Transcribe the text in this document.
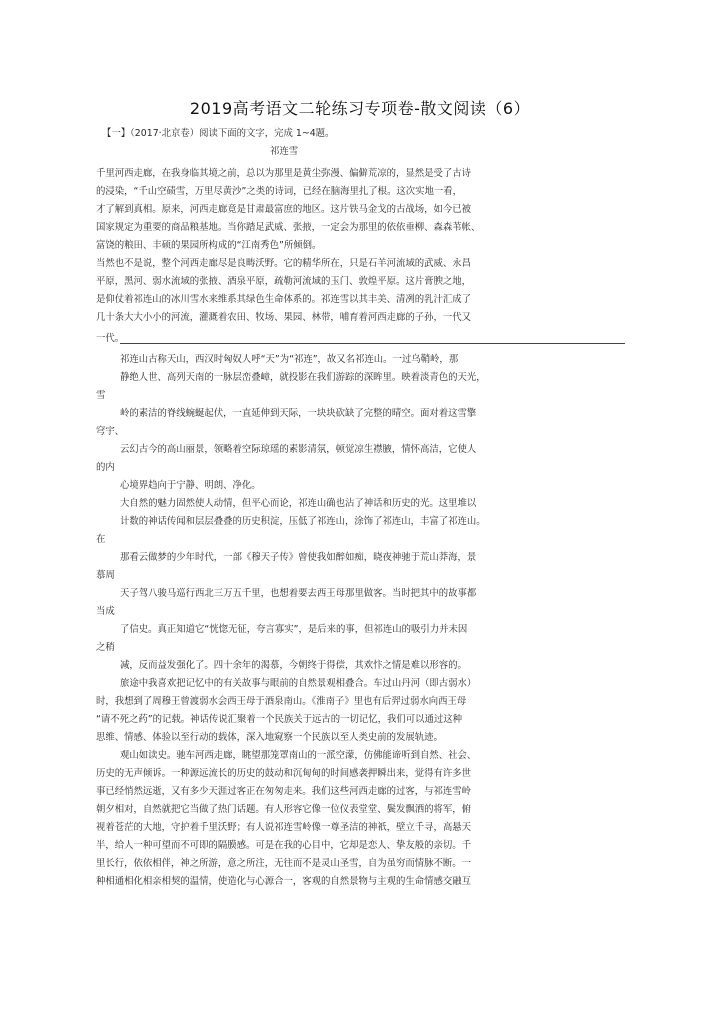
2019高考语文二轮练习专项卷-散文阅读（6）
【一】（2017·北京卷）阅读下面的文字，完成 1~4题。
祁连雪
千里河西走廊，在我身临其境之前，总以为那里是黄尘弥漫、偏僻荒凉的，显然是受了古诗
的浸染，“千山空碛雪，万里尽黄沙”之类的诗词，已经在脑海里扎了根。这次实地一看，
才了解到真相。原来，河西走廊竟是甘肃最富庶的地区。这片铁马金戈的古战场，如今已被
国家规定为重要的商品粮基地。当你踏足武威、张掖，一定会为那里的依依垂柳、森森苇帐、
富饶的粮田、丰硕的果园所构成的“江南秀色”所倾倒。
当然也不是说，整个河西走廊尽是良畴沃野。它的精华所在，只是石羊河流域的武威、永昌
平原，黑河、弱水流域的张掖、酒泉平原，疏勒河流域的玉门、敦煌平原。这片膏腴之地，
是仰仗着祁连山的冰川雪水来维系其绿色生命体系的。祁连雪以其丰美、清冽的乳汁汇成了
几十条大大小小的河流，灌溉着农田、牧场、果园、林带，哺育着河西走廊的子孙，一代又
一代。
祁连山古称天山，西汉时匈奴人呼“天”为“祁连”，故又名祁连山。一过乌鞘岭，那
静绝人世、高列天南的一脉层峦叠嶂，就投影在我们游踪的深眸里。映着淡青色的天光，
雪
岭的素洁的脊线蜿蜒起伏，一直延伸到天际，一块块砍缺了完整的晴空。面对着这雪擎
穹宇、
云幻古今的高山丽景，领略着空际琼瑶的素影清氛，顿觉凉生襟腋，情怀高洁，它使人
的内
心境界趋向于宁静、明朗、净化。
大自然的魅力固然使人动情，但平心而论，祁连山确也沾了神话和历史的光。这里堆以
计数的神话传闻和层层叠叠的历史积淀，压低了祁连山，涂饰了祁连山，丰富了祁连山。
在
那看云做梦的少年时代，一部《穆天子传》曾使我如醉如痴，晓夜神驰于荒山莽海，景
慕周
天子驾八骏马巡行西北三万五千里，也想着要去西王母那里做客。当时把其中的故事都
当成
了信史。真正知道它“恍惚无征，夸言寡实”，是后来的事，但祁连山的吸引力并未因
之稍
减，反而益发强化了。四十余年的渴慕，今朝终于得偿，其欢忭之情是难以形容的。
旅途中我喜欢把记忆中的有关故事与眼前的自然景观相叠合。车过山丹河（即古弱水）
时，我想到了周穆王曾渡弱水会西王母于酒泉南山。《淮南子》里也有后羿过弱水向西王母
“请不死之药”的记载。神话传说汇聚着一个民族关于远古的一切记忆，我们可以通过这种
思维、情感、体验以至行动的载体，深入地窥察一个民族以至人类史前的发展轨迹。
观山如读史。驰车河西走廊，眺望那笼罩南山的一派空濛，仿佛能谛听到自然、社会、
历史的无声倾诉。一种源远流长的历史的鼓动和沉甸甸的时间感袭押瞬出来，觉得有许多世
事已经悄然远逝，又有多少天涯过客正在匆匆走来。我们这些河西走廊的过客，与祁连雪岭
朝夕相对，自然就把它当做了热门话题。有人形容它像一位仪表堂堂、鬓发飘洒的将军，俯
视着苍茫的大地，守护着千里沃野；有人说祁连雪岭像一尊圣洁的神祇，壁立千寻，高悬天
半，给人一种可望而不可即的隔膜感。可是在我的心目中，它却是恋人、挚友般的亲切。千
里长行，依依相伴，神之所游，意之所注，无往而不是灵山圣雪，自为虽穷而情脉不断。一
种相通相化相亲相契的温情，使造化与心源合一，客观的自然景物与主观的生命情感交融互
